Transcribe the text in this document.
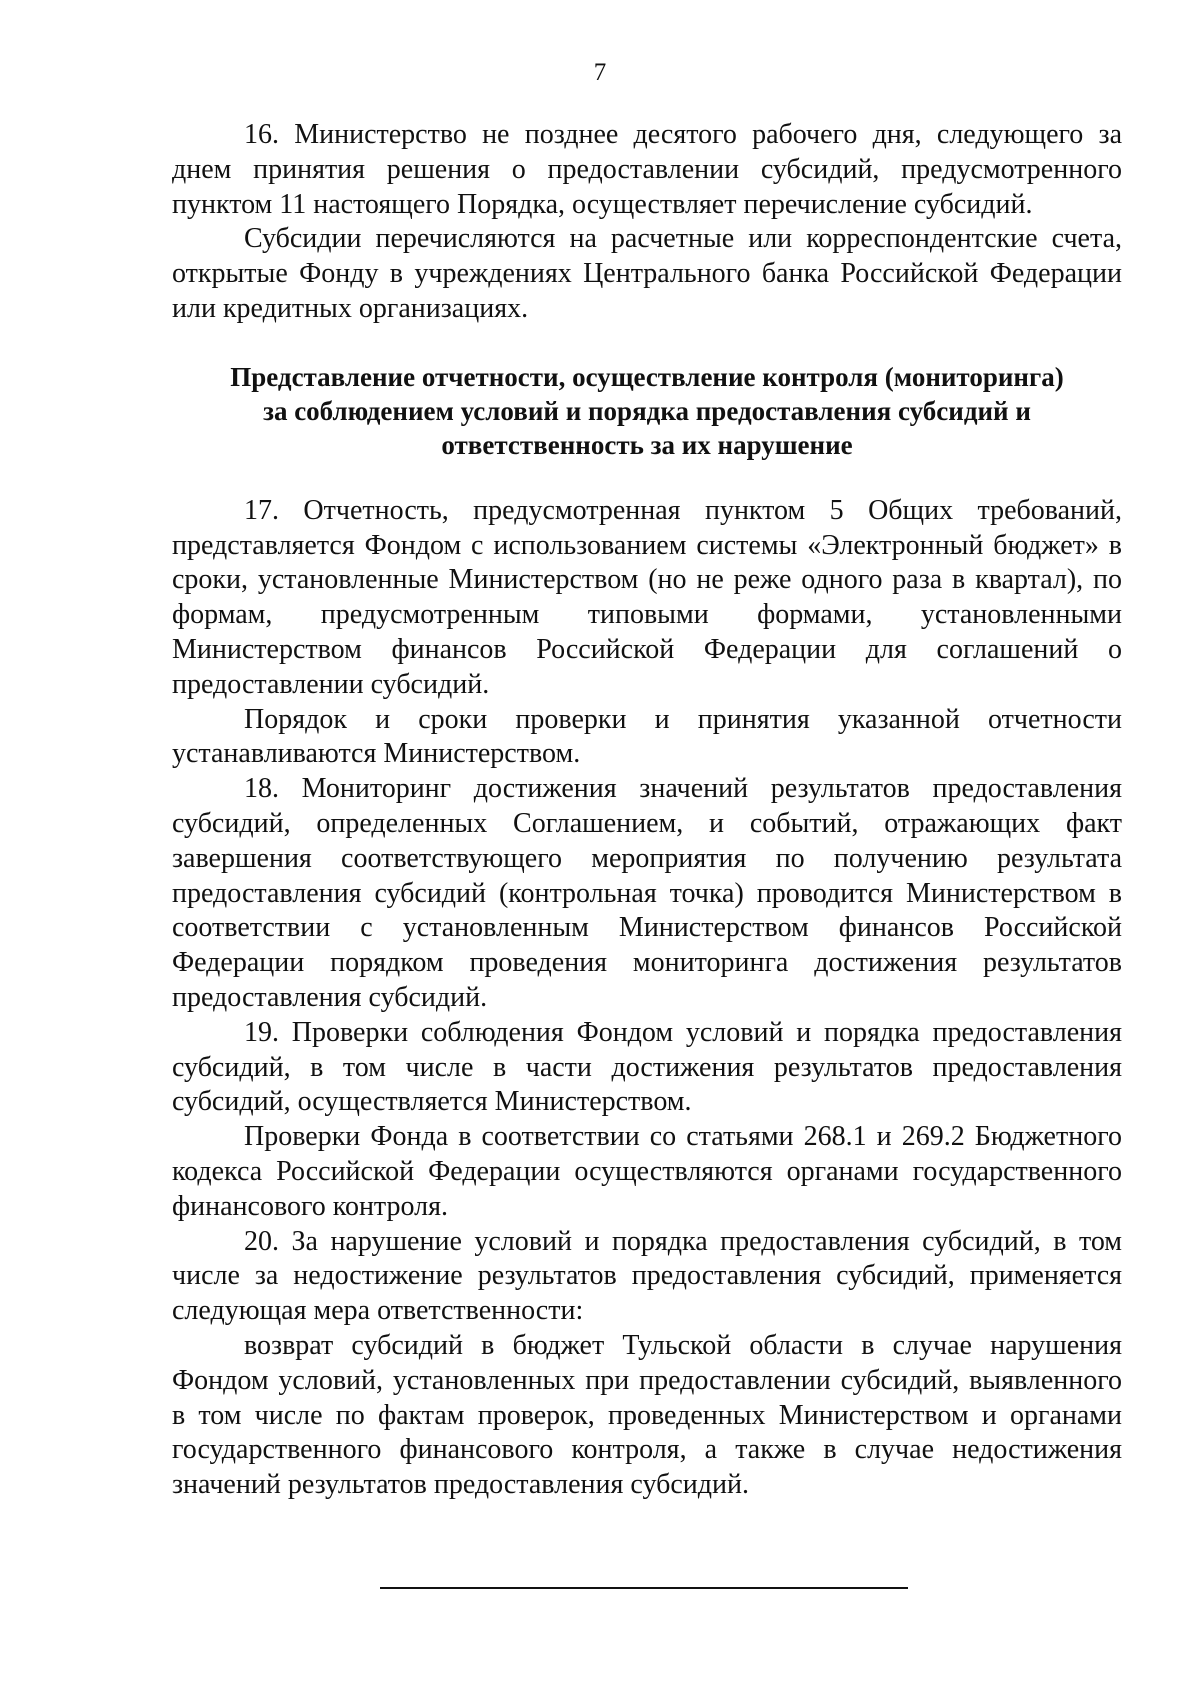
7

16. Министерство не позднее десятого рабочего дня, следующего за днем принятия решения о предоставлении субсидий, предусмотренного пунктом 11 настоящего Порядка, осуществляет перечисление субсидий.

Субсидии перечисляются на расчетные или корреспондентские счета, открытые Фонду в учреждениях Центрального банка Российской Федерации или кредитных организациях.

Представление отчетности, осуществление контроля (мониторинга)
за соблюдением условий и порядка предоставления субсидий и
ответственность за их нарушение

17. Отчетность, предусмотренная пунктом 5 Общих требований, представляется Фондом с использованием системы «Электронный бюджет» в сроки, установленные Министерством (но не реже одного раза в квартал), по формам, предусмотренным типовыми формами, установленными Министерством финансов Российской Федерации для соглашений о предоставлении субсидий.

Порядок и сроки проверки и принятия указанной отчетности устанавливаются Министерством.

18. Мониторинг достижения значений результатов предоставления субсидий, определенных Соглашением, и событий, отражающих факт завершения соответствующего мероприятия по получению результата предоставления субсидий (контрольная точка) проводится Министерством в соответствии с установленным Министерством финансов Российской Федерации порядком проведения мониторинга достижения результатов предоставления субсидий.

19. Проверки соблюдения Фондом условий и порядка предоставления субсидий, в том числе в части достижения результатов предоставления субсидий, осуществляется Министерством.

Проверки Фонда в соответствии со статьями 268.1 и 269.2 Бюджетного кодекса Российской Федерации осуществляются органами государственного финансового контроля.

20. За нарушение условий и порядка предоставления субсидий, в том числе за недостижение результатов предоставления субсидий, применяется следующая мера ответственности:

возврат субсидий в бюджет Тульской области в случае нарушения Фондом условий, установленных при предоставлении субсидий, выявленного в том числе по фактам проверок, проведенных Министерством и органами государственного финансового контроля, а также в случае недостижения значений результатов предоставления субсидий.
